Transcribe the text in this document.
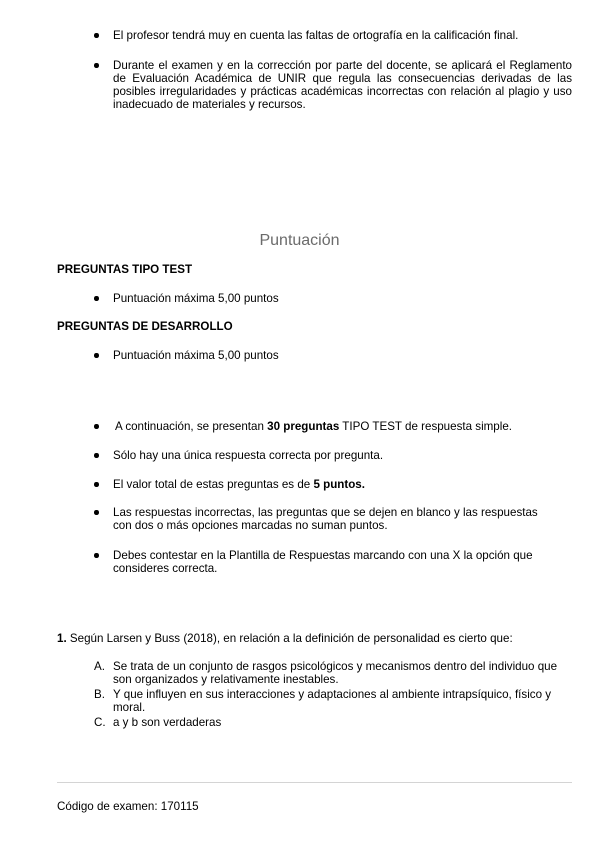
El profesor tendrá muy en cuenta las faltas de ortografía en la calificación final.
Durante el examen y en la corrección por parte del docente, se aplicará el Reglamento de Evaluación Académica de UNIR que regula las consecuencias derivadas de las posibles irregularidades y prácticas académicas incorrectas con relación al plagio y uso inadecuado de materiales y recursos.
Puntuación
PREGUNTAS TIPO TEST
Puntuación máxima 5,00 puntos
PREGUNTAS DE DESARROLLO
Puntuación máxima 5,00 puntos
A continuación, se presentan 30 preguntas TIPO TEST de respuesta simple.
Sólo hay una única respuesta correcta por pregunta.
El valor total de estas preguntas es de 5 puntos.
Las respuestas incorrectas, las preguntas que se dejen en blanco y las respuestas con dos o más opciones marcadas no suman puntos.
Debes contestar en la Plantilla de Respuestas marcando con una X la opción que consideres correcta.
1. Según Larsen y Buss (2018), en relación a la definición de personalidad es cierto que:
A. Se trata de un conjunto de rasgos psicológicos y mecanismos dentro del individuo que son organizados y relativamente inestables.
B. Y que influyen en sus interacciones y adaptaciones al ambiente intrapsíquico, físico y moral.
C. a y b son verdaderas
Código de examen: 170115
